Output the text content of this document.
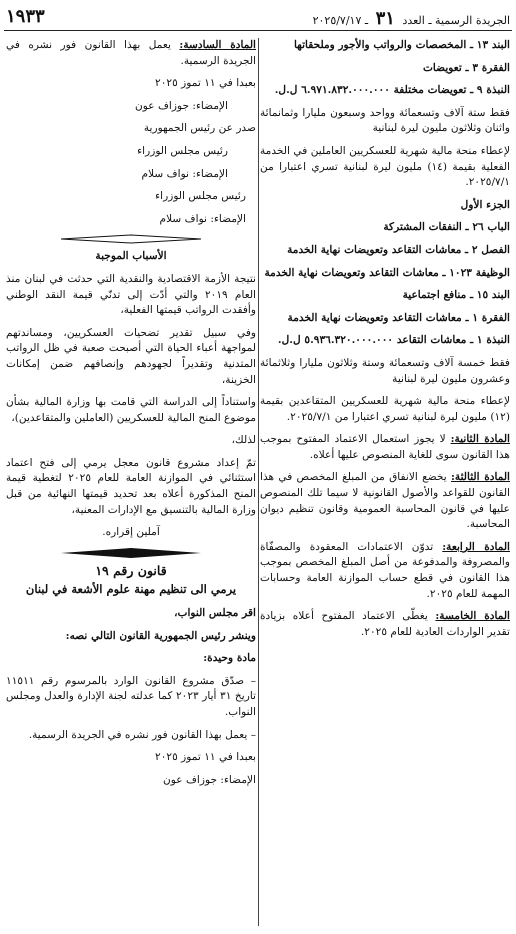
الجريدة الرسمية ـ العدد ٣١ ـ ٢٠٢٥/٧/١٧
١٩٣٣

البند ١٣ ـ المخصصات والرواتب والأجور وملحقاتها

الفقرة ٣ ـ تعويضات

النبذة ٩ ـ تعويضات مختلفة ٦.٩٧١.٨٣٢.٠٠٠.٠٠٠ ل.ل.

فقط ستة آلاف وتسعمائة وواحد وسبعون مليارا وثمانمائة واثنان وثلاثون مليون ليرة لبنانية

لإعطاء منحة مالية شهرية للعسكريين العاملين في الخدمة الفعلية بقيمة (١٤) مليون ليرة لبنانية تسري اعتبارا من ٢٠٢٥/٧/١.

الجزء الأول

الباب ٢٦ ـ النفقات المشتركة

الفصل ٢ ـ معاشات التقاعد وتعويضات نهاية الخدمة

الوظيفة ١٠٢٣ ـ معاشات التقاعد وتعويضات نهاية الخدمة

البند ١٥ ـ منافع اجتماعية

الفقرة ١ ـ معاشات التقاعد وتعويضات نهاية الخدمة

النبذة ١ ـ معاشات التقاعد ٥.٩٣٦.٣٢٠.٠٠٠.٠٠٠ ل.ل.

فقط خمسة آلاف وتسعمائة وستة وثلاثون مليارا وثلاثمائة وعشرون مليون ليرة لبنانية

لإعطاء منحة مالية شهرية للعسكريين المتقاعدين بقيمة (١٢) مليون ليرة لبنانية تسري اعتبارا من ٢٠٢٥/٧/١.

المادة الثانية: لا يجوز استعمال الاعتماد المفتوح بموجب هذا القانون سوى للغاية المنصوص عليها أعلاه.

المادة الثالثة: يخضع الانفاق من المبلغ المخصص في هذا القانون للقواعد والأصول القانونية لا سيما تلك المنصوص عليها في قانون المحاسبة العمومية وقانون تنظيم ديوان المحاسبة.

المادة الرابعة: تدوّن الاعتمادات المعقودة والمصفّاة والمصروفة والمدفوعة من أصل المبلغ المخصص بموجب هذا القانون في قطع حساب الموازنة العامة وحسابات المهمة للعام ٢٠٢٥.

المادة الخامسة: يغطّى الاعتماد المفتوح أعلاه بزيادة تقدير الواردات العادية للعام ٢٠٢٥.

المادة السادسة: يعمل بهذا القانون فور نشره في الجريدة الرسمية.

بعبدا في ١١ تموز ٢٠٢٥

الإمضاء: جوزاف عون

صدر عن رئيس الجمهورية

رئيس مجلس الوزراء

الإمضاء: نواف سلام

رئيس مجلس الوزراء

الإمضاء: نواف سلام

الأسباب الموجبة

نتيجة الأزمة الاقتصادية والنقدية التي حدثت في لبنان منذ العام ٢٠١٩ والتي أدّت إلى تدنّي قيمة النقد الوطني وأفقدت الرواتب قيمتها الفعلية،

وفي سبيل تقدير تضحيات العسكريين، ومساندتهم لمواجهة أعباء الحياة التي أصبحت صعبة في ظل الرواتب المتدنية وتقديراً لجهودهم وإنصافهم ضمن إمكانات الخزينة،

واستناداً إلى الدراسة التي قامت بها وزارة المالية بشأن موضوع المنح المالية للعسكريين (العاملين والمتقاعدين)،

لذلك،

تمّ إعداد مشروع قانون معجل يرمي إلى فتح اعتماد استثنائي في الموازنة العامة للعام ٢٠٢٥ لتغطية قيمة المنح المذكورة أعلاه بعد تحديد قيمتها النهائية من قبل وزارة المالية بالتنسيق مع الإدارات المعنية،

آملين إقراره.

قانون رقم ١٩

يرمي الى تنظيم مهنة علوم الأشعة في لبنان

اقر مجلس النواب،

وينشر رئيس الجمهورية القانون التالي نصه:

مادة وحيدة:

– صدّق مشروع القانون الوارد بالمرسوم رقم ١١٥١١ تاريخ ٣١ أيار ٢٠٢٣ كما عدلته لجنة الإدارة والعدل ومجلس النواب.

– يعمل بهذا القانون فور نشره في الجريدة الرسمية.

بعبدا في ١١ تموز ٢٠٢٥

الإمضاء: جوزاف عون
